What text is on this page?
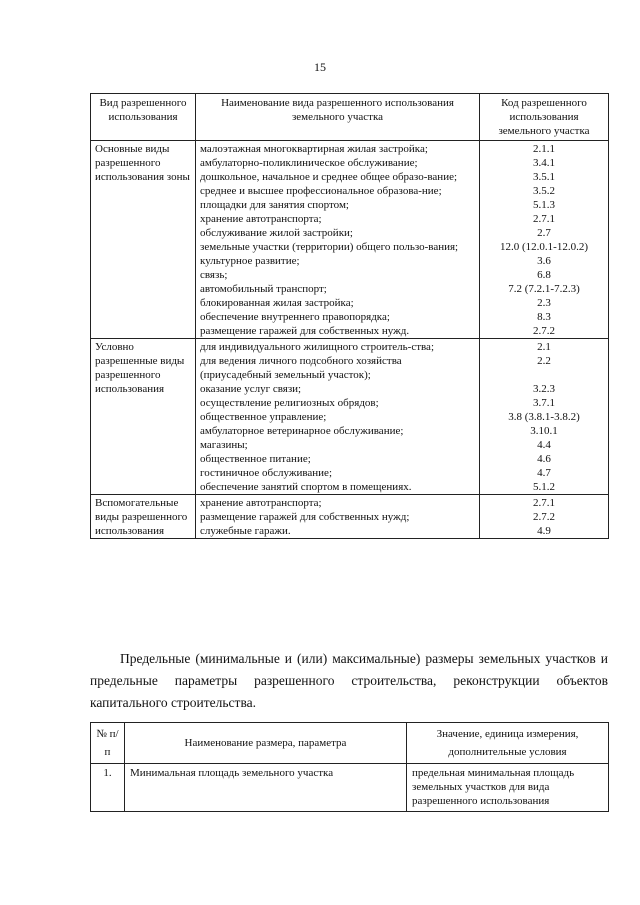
15
Вид разрешенного использования	Наименование вида разрешенного использования земельного участка	Код разрешенного использования земельного участка
Основные виды разрешенного использования зоны	малоэтажная многоквартирная жилая застройка;	2.1.1
	амбулаторно-поликлиническое обслуживание;	3.4.1
	дошкольное, начальное и среднее общее образо-вание;	3.5.1
	среднее и высшее профессиональное образова-ние;	3.5.2
	площадки для занятия спортом;	5.1.3
	хранение автотранспорта;	2.7.1
	обслуживание жилой застройки;	2.7
	земельные участки (территории) общего пользо-вания;	12.0 (12.0.1-12.0.2)
	культурное развитие;	3.6
	связь;	6.8
	автомобильный транспорт;	7.2 (7.2.1-7.2.3)
	блокированная жилая застройка;	2.3
	обеспечение внутреннего правопорядка;	8.3
	размещение гаражей для собственных нужд.	2.7.2
Условно разрешенные виды разрешенного использования	для индивидуального жилищного строитель-ства;	2.1
	для ведения личного подсобного хозяйства (приусадебный земельный участок);	2.2
	оказание услуг связи;	3.2.3
	осуществление религиозных обрядов;	3.7.1
	общественное управление;	3.8 (3.8.1-3.8.2)
	амбулаторное ветеринарное обслуживание;	3.10.1
	магазины;	4.4
	общественное питание;	4.6
	гостиничное обслуживание;	4.7
	обеспечение занятий спортом в помещениях.	5.1.2
Вспомогательные виды разрешенного использования	хранение автотранспорта;	2.7.1
	размещение гаражей для собственных нужд;	2.7.2
	служебные гаражи.	4.9

Предельные (минимальные и (или) максимальные) размеры земельных участков и предельные параметры разрешенного строительства, реконструкции объектов капитального строительства.

№ п/п	Наименование размера, параметра	Значение, единица измерения, дополнительные условия
1.	Минимальная площадь земельного участка	предельная минимальная площадь земельных участков для вида разрешенного использования
